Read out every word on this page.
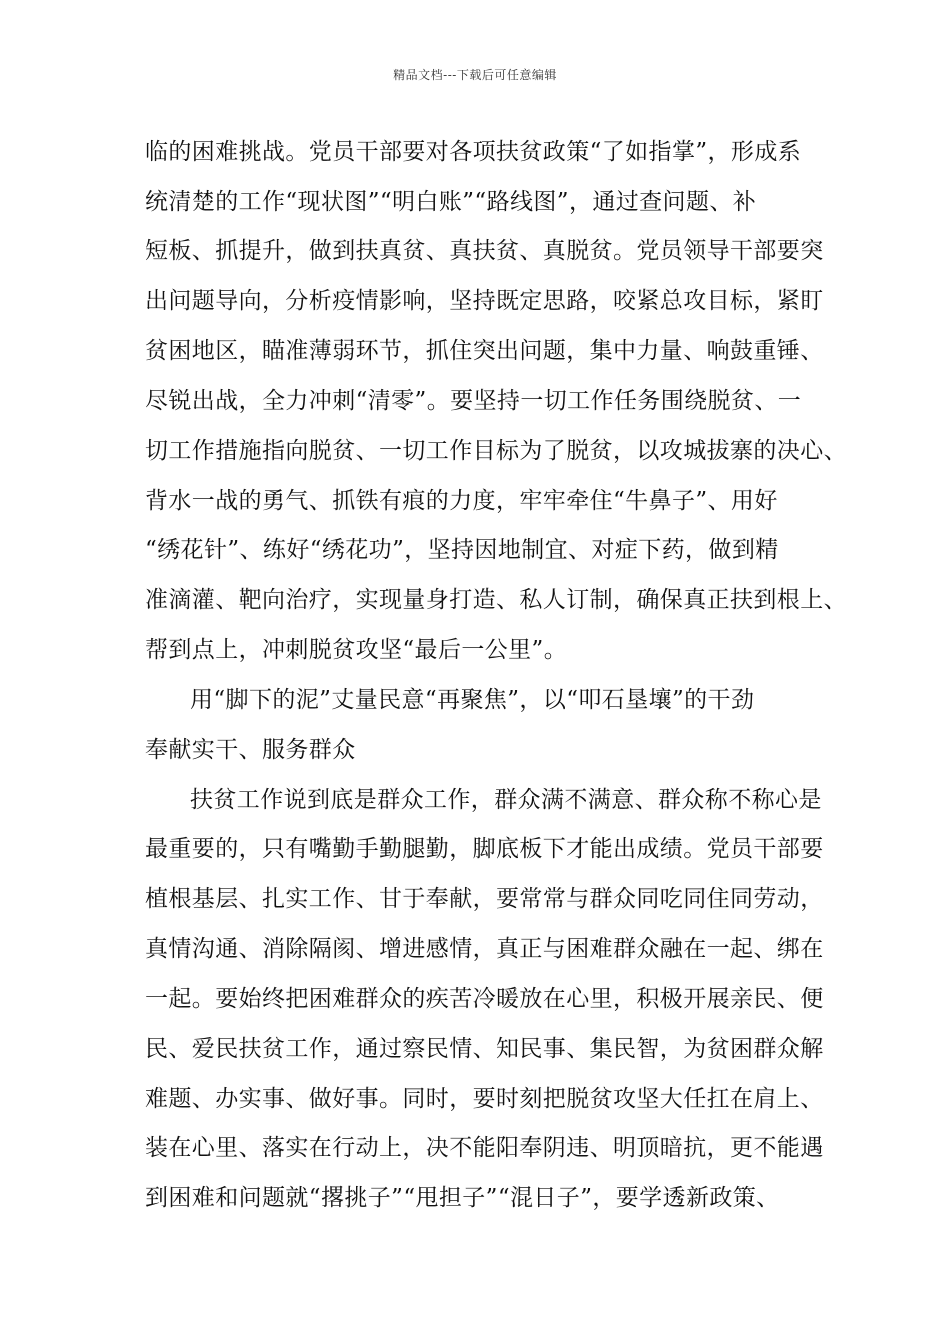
精品文档---下载后可任意编辑
临的困难挑战。党员干部要对各项扶贫政策“了如指掌”，形成系
统清楚的工作“现状图”“明白账”“路线图”，通过查问题、补
短板、抓提升，做到扶真贫、真扶贫、真脱贫。党员领导干部要突
出问题导向，分析疫情影响，坚持既定思路，咬紧总攻目标，紧盯
贫困地区，瞄准薄弱环节，抓住突出问题，集中力量、响鼓重锤、
尽锐出战，全力冲刺“清零”。要坚持一切工作任务围绕脱贫、一
切工作措施指向脱贫、一切工作目标为了脱贫，以攻城拔寨的决心、
背水一战的勇气、抓铁有痕的力度，牢牢牵住“牛鼻子”、用好
“绣花针”、练好“绣花功”，坚持因地制宜、对症下药，做到精
准滴灌、靶向治疗，实现量身打造、私人订制，确保真正扶到根上、
帮到点上，冲刺脱贫攻坚“最后一公里”。
用“脚下的泥”丈量民意“再聚焦”，以“叩石垦壤”的干劲
奉献实干、服务群众
扶贫工作说到底是群众工作，群众满不满意、群众称不称心是
最重要的，只有嘴勤手勤腿勤，脚底板下才能出成绩。党员干部要
植根基层、扎实工作、甘于奉献，要常常与群众同吃同住同劳动，
真情沟通、消除隔阂、增进感情，真正与困难群众融在一起、绑在
一起。要始终把困难群众的疾苦冷暖放在心里，积极开展亲民、便
民、爱民扶贫工作，通过察民情、知民事、集民智，为贫困群众解
难题、办实事、做好事。同时，要时刻把脱贫攻坚大任扛在肩上、
装在心里、落实在行动上，决不能阳奉阴违、明顶暗抗，更不能遇
到困难和问题就“撂挑子”“甩担子”“混日子”，要学透新政策、
